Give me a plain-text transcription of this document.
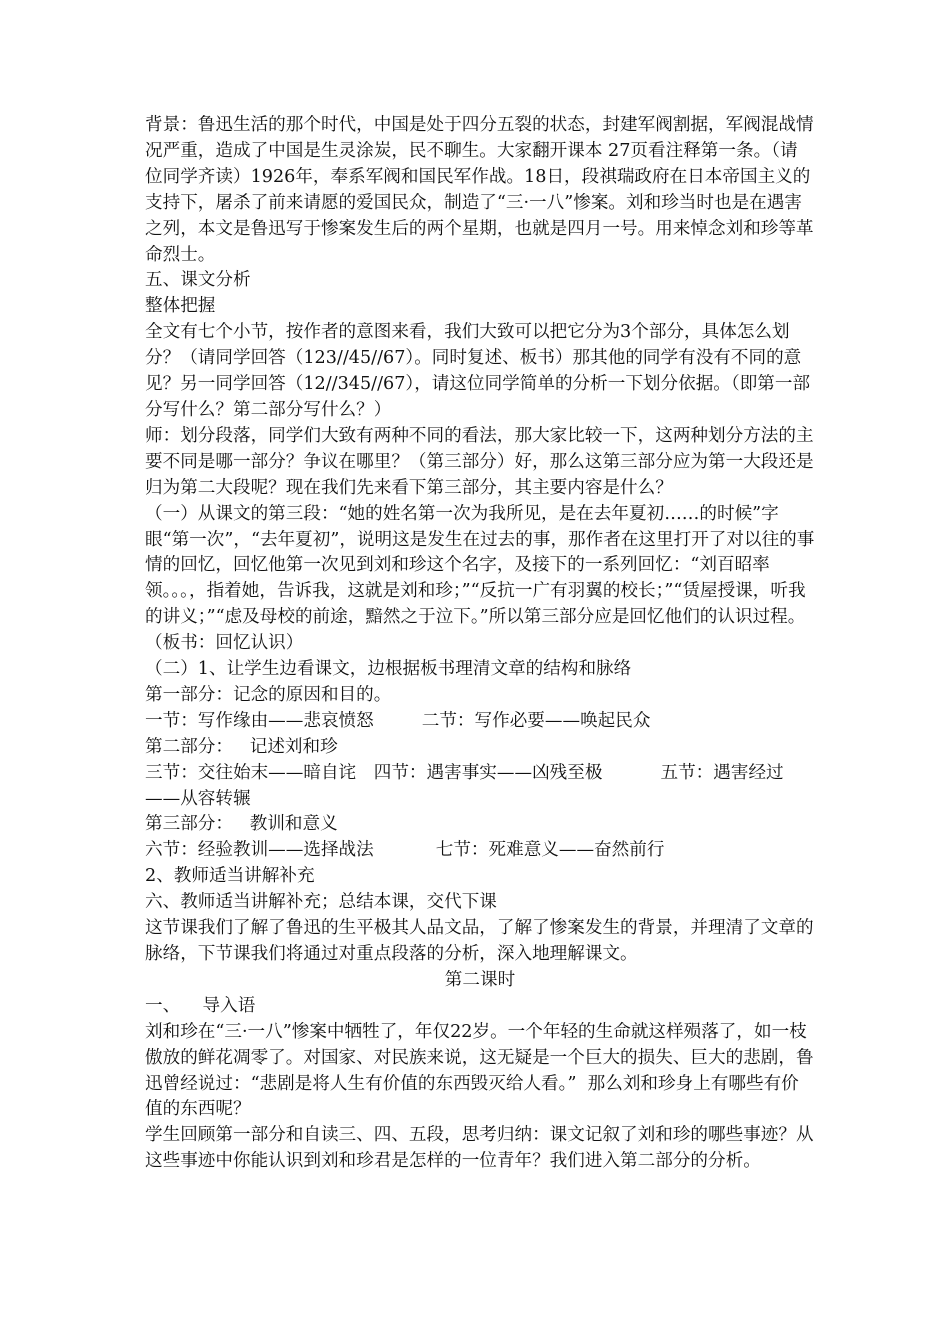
背景：鲁迅生活的那个时代，中国是处于四分五裂的状态，封建军阀割据，军阀混战情况严重，造成了中国是生灵涂炭，民不聊生。大家翻开课本 27页看注释第一条。（请位同学齐读）1926年，奉系军阀和国民军作战。18日，段祺瑞政府在日本帝国主义的支持下，屠杀了前来请愿的爱国民众，制造了“三·一八”惨案。刘和珍当时也是在遇害之列，本文是鲁迅写于惨案发生后的两个星期，也就是四月一号。用来悼念刘和珍等革命烈士。

五、课文分析

整体把握

全文有七个小节，按作者的意图来看，我们大致可以把它分为3个部分，具体怎么划分？（请同学回答（123//45//67）。同时复述、板书）那其他的同学有没有不同的意见？另一同学回答（12//345//67），请这位同学简单的分析一下划分依据。（即第一部分写什么？第二部分写什么？）

师：划分段落，同学们大致有两种不同的看法，那大家比较一下，这两种划分方法的主要不同是哪一部分？争议在哪里？（第三部分）好，那么这第三部分应为第一大段还是归为第二大段呢？现在我们先来看下第三部分，其主要内容是什么？

（一）从课文的第三段：“她的姓名第一次为我所见，是在去年夏初……的时候”字眼“第一次”，“去年夏初”，说明这是发生在过去的事，那作者在这里打开了对以往的事情的回忆，回忆他第一次见到刘和珍这个名字，及接下的一系列回忆：“刘百昭率领。。。，指着她，告诉我，这就是刘和珍；”“反抗一广有羽翼的校长；”“赁屋授课，听我的讲义；”“虑及母校的前途，黯然之于泣下。”所以第三部分应是回忆他们的认识过程。（板书：回忆认识）

（二）1、让学生边看课文，边根据板书理清文章的结构和脉络

第一部分：记念的原因和目的。

一节：写作缘由——悲哀愤怒	二节：写作必要——唤起民众

第二部分：   记述刘和珍

三节：交往始末——暗自诧
  四节：遇害事实——凶残至极	五节：遇害经过

——从容转辗

第三部分：   教训和意义

六节：经验教训——选择战法	七节：死难意义——奋然前行

2、教师适当讲解补充

六、教师适当讲解补充；总结本课，交代下课

这节课我们了解了鲁迅的生平极其人品文品，了解了惨案发生的背景，并理清了文章的脉络，下节课我们将通过对重点段落的分析，深入地理解课文。

第二课时

一、    导入语

刘和珍在“三·一八”惨案中牺牲了，年仅22岁。一个年轻的生命就这样殒落了，如一枝傲放的鲜花凋零了。对国家、对民族来说，这无疑是一个巨大的损失、巨大的悲剧，鲁迅曾经说过：“悲剧是将人生有价值的东西毁灭给人看。”  那么刘和珍身上有哪些有价值的东西呢？

学生回顾第一部分和自读三、四、五段，思考归纳：课文记叙了刘和珍的哪些事迹？从这些事迹中你能认识到刘和珍君是怎样的一位青年？我们进入第二部分的分析。
